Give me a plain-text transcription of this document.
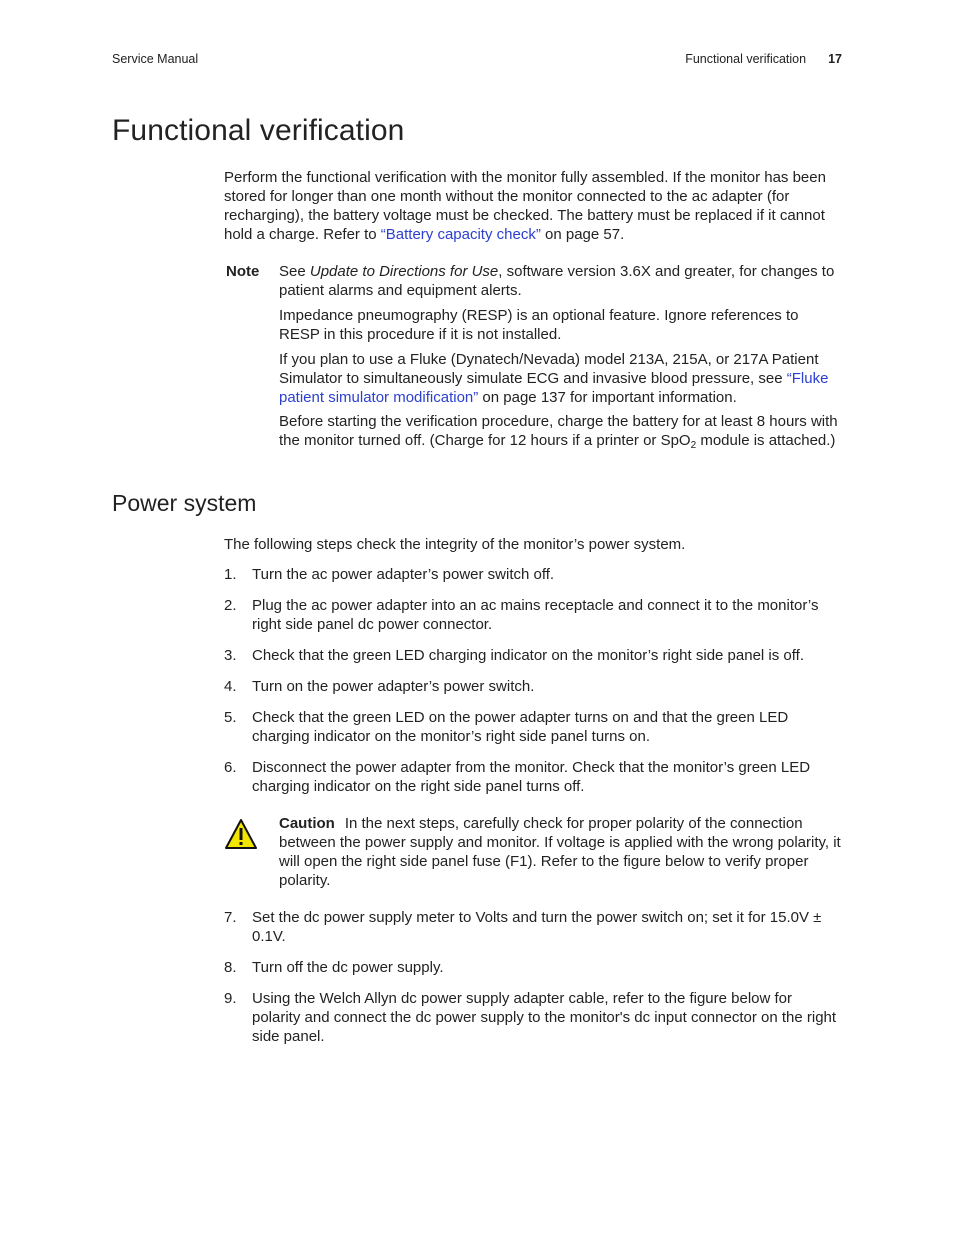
Service Manual	Functional verification 17
Functional verification

Perform the functional verification with the monitor fully assembled. If the monitor has been stored for longer than one month without the monitor connected to the ac adapter (for recharging), the battery voltage must be checked. The battery must be replaced if it cannot hold a charge. Refer to “Battery capacity check” on page 57.

Note See Update to Directions for Use, software version 3.6X and greater, for changes to patient alarms and equipment alerts.

Impedance pneumography (RESP) is an optional feature. Ignore references to RESP in this procedure if it is not installed.

If you plan to use a Fluke (Dynatech/Nevada) model 213A, 215A, or 217A Patient Simulator to simultaneously simulate ECG and invasive blood pressure, see “Fluke patient simulator modification” on page 137 for important information.

Before starting the verification procedure, charge the battery for at least 8 hours with the monitor turned off. (Charge for 12 hours if a printer or SpO$_2$ module is attached.)

Power system

The following steps check the integrity of the monitor’s power system.

1.	Turn the ac power adapter’s power switch off.
2.	Plug the ac power adapter into an ac mains receptacle and connect it to the monitor’s right side panel dc power connector.
3.	Check that the green LED charging indicator on the monitor’s right side panel is off.
4.	Turn on the power adapter’s power switch.
5.	Check that the green LED on the power adapter turns on and that the green LED charging indicator on the monitor’s right side panel turns on.
6.	Disconnect the power adapter from the monitor. Check that the monitor’s green LED charging indicator on the right side panel turns off.

Caution In the next steps, carefully check for proper polarity of the connection between the power supply and monitor. If voltage is applied with the wrong polarity, it will open the right side panel fuse (F1). Refer to the figure below to verify proper polarity.

7.	Set the dc power supply meter to Volts and turn the power switch on; set it for 15.0V ± 0.1V.
8.	Turn off the dc power supply.
9.	Using the Welch Allyn dc power supply adapter cable, refer to the figure below for polarity and connect the dc power supply to the monitor's dc input connector on the right side panel.
